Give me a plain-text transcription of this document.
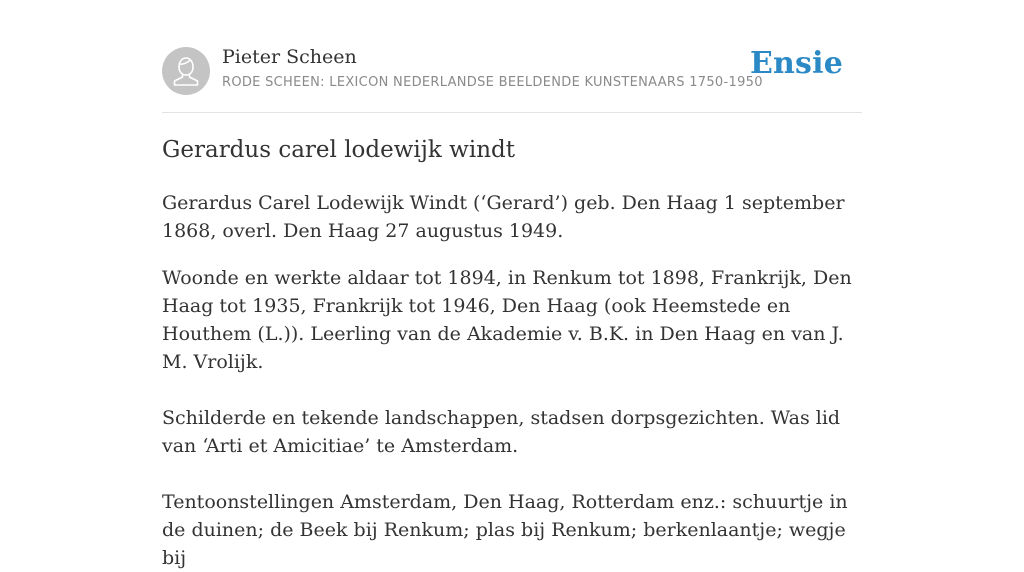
Pieter Scheen
RODE SCHEEN: LEXICON NEDERLANDSE BEELDENDE KUNSTENAARS 1750-1950
Ensie
Gerardus carel lodewijk windt

Gerardus Carel Lodewijk Windt (‘Gerard’) geb. Den Haag 1 september 1868, overl. Den Haag 27 augustus 1949.

Woonde en werkte aldaar tot 1894, in Renkum tot 1898, Frankrijk, Den Haag tot 1935, Frankrijk tot 1946, Den Haag (ook Heemstede en Houthem (L.)). Leerling van de Akademie v. B.K. in Den Haag en van J. M. Vrolijk.

Schilderde en tekende landschappen, stadsen dorpsgezichten. Was lid van ‘Arti et Amicitiae’ te Amsterdam.

Tentoonstellingen Amsterdam, Den Haag, Rotterdam enz.: schuurtje in de duinen; de Beek bij Renkum; plas bij Renkum; berkenlaantje; wegje bij
